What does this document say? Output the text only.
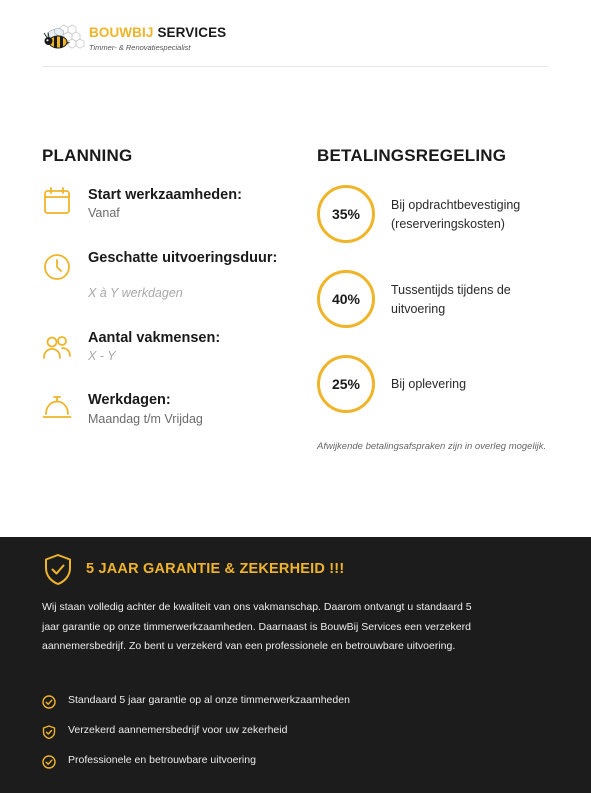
BOUWBIJ SERVICES
Timmer- & Renovatiespecialist
PLANNING
Start werkzaamheden:
Vanaf
Geschatte uitvoeringsduur:
X à Y werkdagen
Aantal vakmensen:
X - Y
Werkdagen:
Maandag t/m Vrijdag
BETALINGSREGELING
35%
Bij opdrachtbevestiging (reserveringskosten)
40%
Tussentijds tijdens de uitvoering
25%	Bij oplevering
Afwijkende betalingsafspraken zijn in overleg mogelijk.
5 JAAR GARANTIE & ZEKERHEID !!!
Wij staan volledig achter de kwaliteit van ons vakmanschap. Daarom ontvangt u standaard 5 jaar garantie op onze timmerwerkzaamheden. Daarnaast is BouwBij Services een verzekerd aannemersbedrijf. Zo bent u verzekerd van een professionele en betrouwbare uitvoering.
Standaard 5 jaar garantie op al onze timmerwerkzaamheden
Verzekerd aannemersbedrijf voor uw zekerheid
Professionele en betrouwbare uitvoering
